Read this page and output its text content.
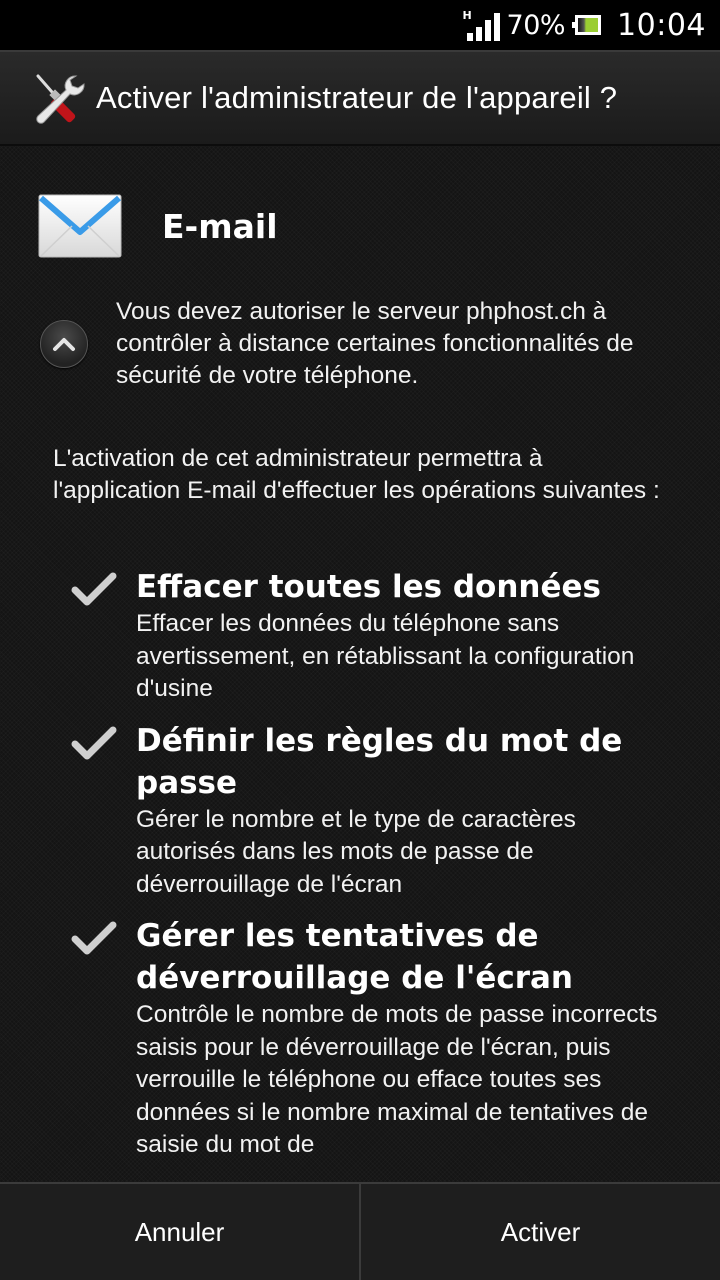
H 70% 10:04
Activer l'administrateur de l'appareil ?
E-mail

Vous devez autoriser le serveur phphost.ch à contrôler à distance certaines fonctionnalités de sécurité de votre téléphone.

L'activation de cet administrateur permettra à l'application E-mail d'effectuer les opérations suivantes :

Effacer toutes les données
Effacer les données du téléphone sans avertissement, en rétablissant la configuration d'usine
Définir les règles du mot de passe
Gérer le nombre et le type de caractères autorisés dans les mots de passe de déverrouillage de l'écran
Gérer les tentatives de déverrouillage de l'écran
Contrôle le nombre de mots de passe incorrects saisis pour le déverrouillage de l'écran, puis verrouille le téléphone ou efface toutes ses données si le nombre maximal de tentatives de saisie du mot de
Annuler	Activer
